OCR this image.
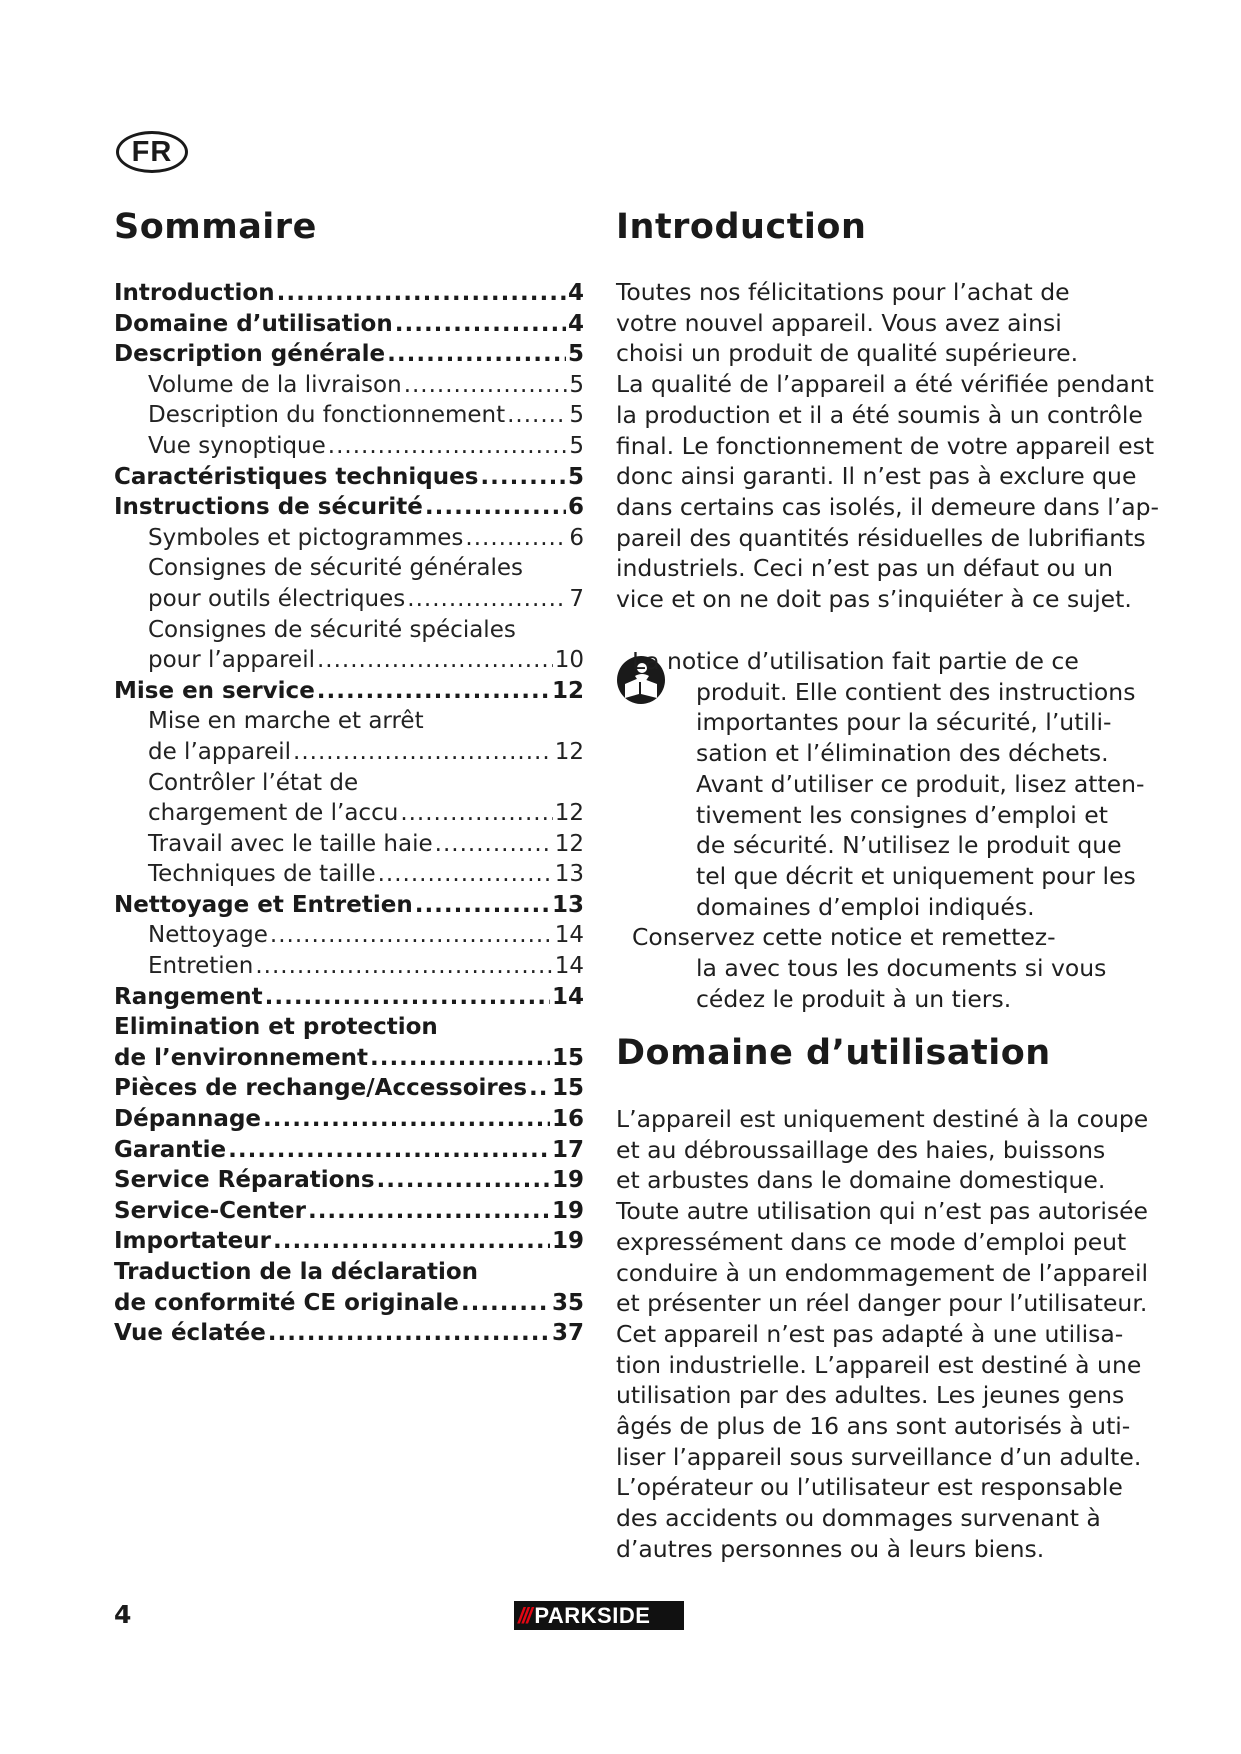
FR
Sommaire
Introduction .....	4
Domaine d’utilisation .....	4
Description générale .....	5
Volume de la livraison .....	5
Description du fonctionnement .....	5
Vue synoptique .....	5
Caractéristiques techniques .....	5
Instructions de sécurité .....	6
Symboles et pictogrammes .....	6
Consignes de sécurité générales
pour outils électriques .....	7
Consignes de sécurité spéciales
pour l’appareil .....	10
Mise en service .....	12
Mise en marche et arrêt
de l’appareil .....	12
Contrôler l’état de
chargement de l’accu .....	12
Travail avec le taille haie .....	12
Techniques de taille .....	13
Nettoyage et Entretien .....	13
Nettoyage .....	14
Entretien .....	14
Rangement .....	14
Elimination et protection
de l’environnement .....	15
Pièces de rechange/Accessoires ..... 15
Dépannage .....	16
Garantie .....	17
Service Réparations .....	19
Service-Center .....	19
Importateur .....	19
Traduction de la déclaration
de conformité CE originale .....	35
Vue éclatée .....	37
Introduction

Toutes nos félicitations pour l’achat de
votre nouvel appareil. Vous avez ainsi
choisi un produit de qualité supérieure.
La qualité de l’appareil a été vérifiée pendant
la production et il a été soumis à un contrôle
final. Le fonctionnement de votre appareil est
donc ainsi garanti. Il n’est pas à exclure que
dans certains cas isolés, il demeure dans l’ap-
pareil des quantités résiduelles de lubrifiants
industriels. Ceci n’est pas un défaut ou un
vice et on ne doit pas s’inquiéter à ce sujet.

La notice d’utilisation fait partie de ce
produit. Elle contient des instructions
importantes pour la sécurité, l’utili-
sation et l’élimination des déchets.
Avant d’utiliser ce produit, lisez atten-
tivement les consignes d’emploi et
de sécurité. N’utilisez le produit que
tel que décrit et uniquement pour les
domaines d’emploi indiqués.
Conservez cette notice et remettez-
la avec tous les documents si vous
cédez le produit à un tiers.

Domaine d’utilisation

L’appareil est uniquement destiné à la coupe
et au débroussaillage des haies, buissons
et arbustes dans le domaine domestique.
Toute autre utilisation qui n’est pas autorisée
expressément dans ce mode d’emploi peut
conduire à un endommagement de l’appareil
et présenter un réel danger pour l’utilisateur.
Cet appareil n’est pas adapté à une utilisa-
tion industrielle. L’appareil est destiné à une
utilisation par des adultes. Les jeunes gens
âgés de plus de 16 ans sont autorisés à uti-
liser l’appareil sous surveillance d’un adulte.
L’opérateur ou l’utilisateur est responsable
des accidents ou dommages survenant à
d’autres personnes ou à leurs biens.

4	/// PARKSIDE
